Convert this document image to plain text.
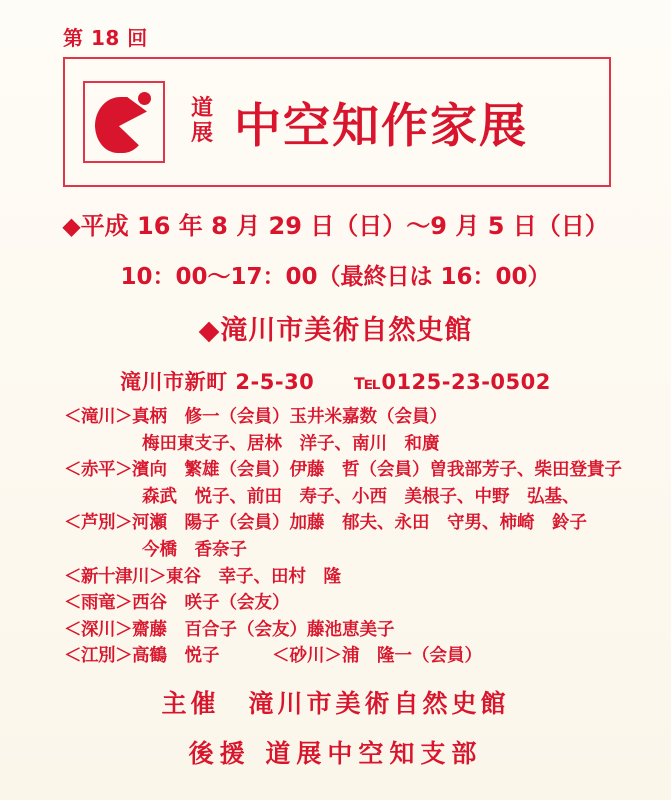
第 18 回
道
展 中空知作家展
◆平成 16 年 8 月 29 日（日）〜9 月 5 日（日）
10：00〜17：00（最終日は 16：00）
◆滝川市美術自然史館
滝川市新町 2-5-30 ℡0125-23-0502
＜滝川＞真柄　修一（会員）玉井米嘉数（会員）
梅田東支子、居林　洋子、南川　和廣
＜赤平＞濱向　繁雄（会員）伊藤　哲（会員）曽我部芳子、柴田登貴子
森武　悦子、前田　寿子、小西　美根子、中野　弘基、
＜芦別＞河瀬　陽子（会員）加藤　郁夫、永田　守男、柿崎　鈴子
今橋　香奈子
＜新十津川＞東谷　幸子、田村　隆
＜雨竜＞西谷　咲子（会友）
＜深川＞齋藤　百合子（会友）藤池恵美子
＜江別＞高鶴　悦子　　　＜砂川＞浦　隆一（会員）
主催　滝川市美術自然史館
後援 道展中空知支部
